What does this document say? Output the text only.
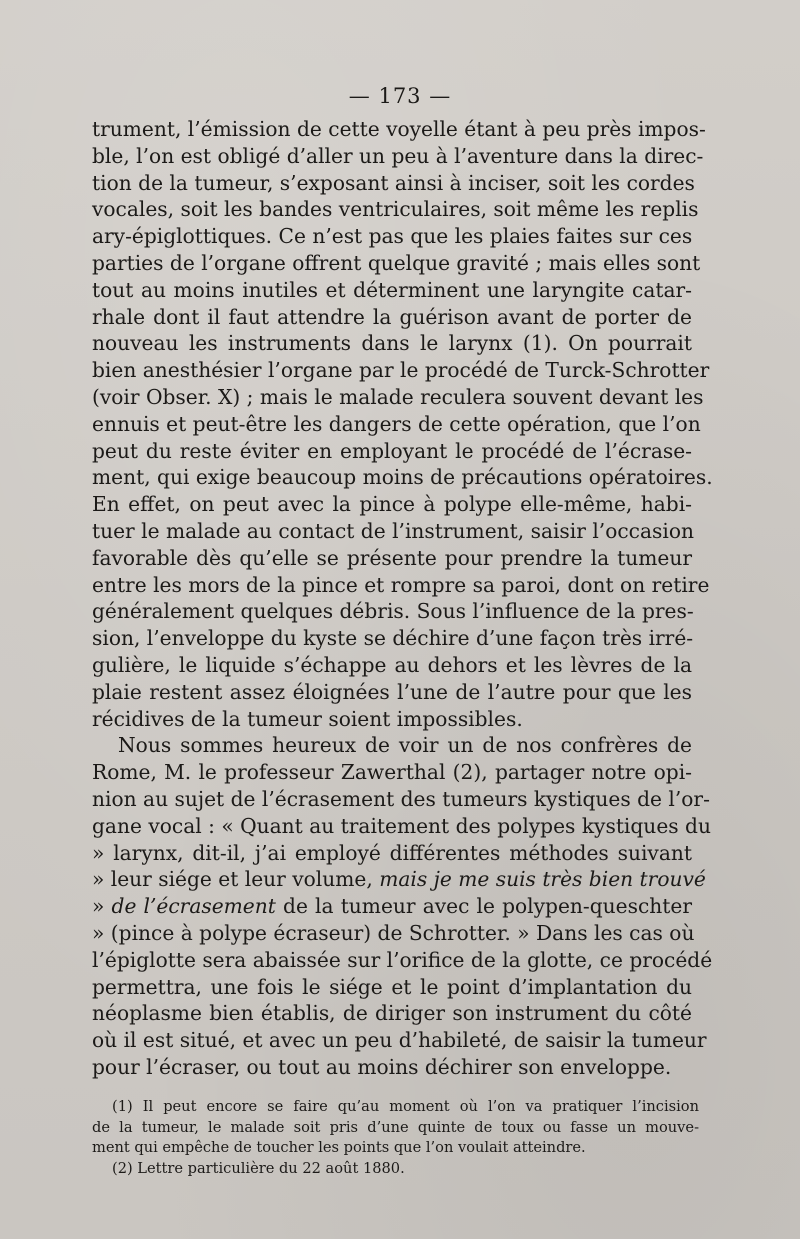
— 173 —
trument, l’émission de cette voyelle étant à peu près impos-
ble, l’on est obligé d’aller un peu à l’aventure dans la direc-
tion de la tumeur, s’exposant ainsi à inciser, soit les cordes
vocales, soit les bandes ventriculaires, soit même les replis
ary-épiglottiques. Ce n’est pas que les plaies faites sur ces
parties de l’organe offrent quelque gravité ; mais elles sont
tout au moins inutiles et déterminent une laryngite catar-
rhale dont il faut attendre la guérison avant de porter de
nouveau les instruments dans le larynx (1). On pourrait
bien anesthésier l’organe par le procédé de Turck-Schrotter
(voir Obser. X) ; mais le malade reculera souvent devant les
ennuis et peut-être les dangers de cette opération, que l’on
peut du reste éviter en employant le procédé de l’écrase-
ment, qui exige beaucoup moins de précautions opératoires.
En effet, on peut avec la pince à polype elle-même, habi-
tuer le malade au contact de l’instrument, saisir l’occasion
favorable dès qu’elle se présente pour prendre la tumeur
entre les mors de la pince et rompre sa paroi, dont on retire
généralement quelques débris. Sous l’influence de la pres-
sion, l’enveloppe du kyste se déchire d’une façon très irré-
gulière, le liquide s’échappe au dehors et les lèvres de la
plaie restent assez éloignées l’une de l’autre pour que les
récidives de la tumeur soient impossibles.
Nous sommes heureux de voir un de nos confrères de
Rome, M. le professeur Zawerthal (2), partager notre opi-
nion au sujet de l’écrasement des tumeurs kystiques de l’or-
gane vocal : « Quant au traitement des polypes kystiques du
» larynx, dit-il, j’ai employé différentes méthodes suivant
» leur siége et leur volume, mais je me suis très bien trouvé
» de l’écrasement de la tumeur avec le polypen-queschter
» (pince à polype écraseur) de Schrotter. » Dans les cas où
l’épiglotte sera abaissée sur l’orifice de la glotte, ce procédé
permettra, une fois le siége et le point d’implantation du
néoplasme bien établis, de diriger son instrument du côté
où il est situé, et avec un peu d’habileté, de saisir la tumeur
pour l’écraser, ou tout au moins déchirer son enveloppe.
(1) Il peut encore se faire qu’au moment où l’on va pratiquer l’incision
de la tumeur, le malade soit pris d’une quinte de toux ou fasse un mouve-
ment qui empêche de toucher les points que l’on voulait atteindre.
(2) Lettre particulière du 22 août 1880.
